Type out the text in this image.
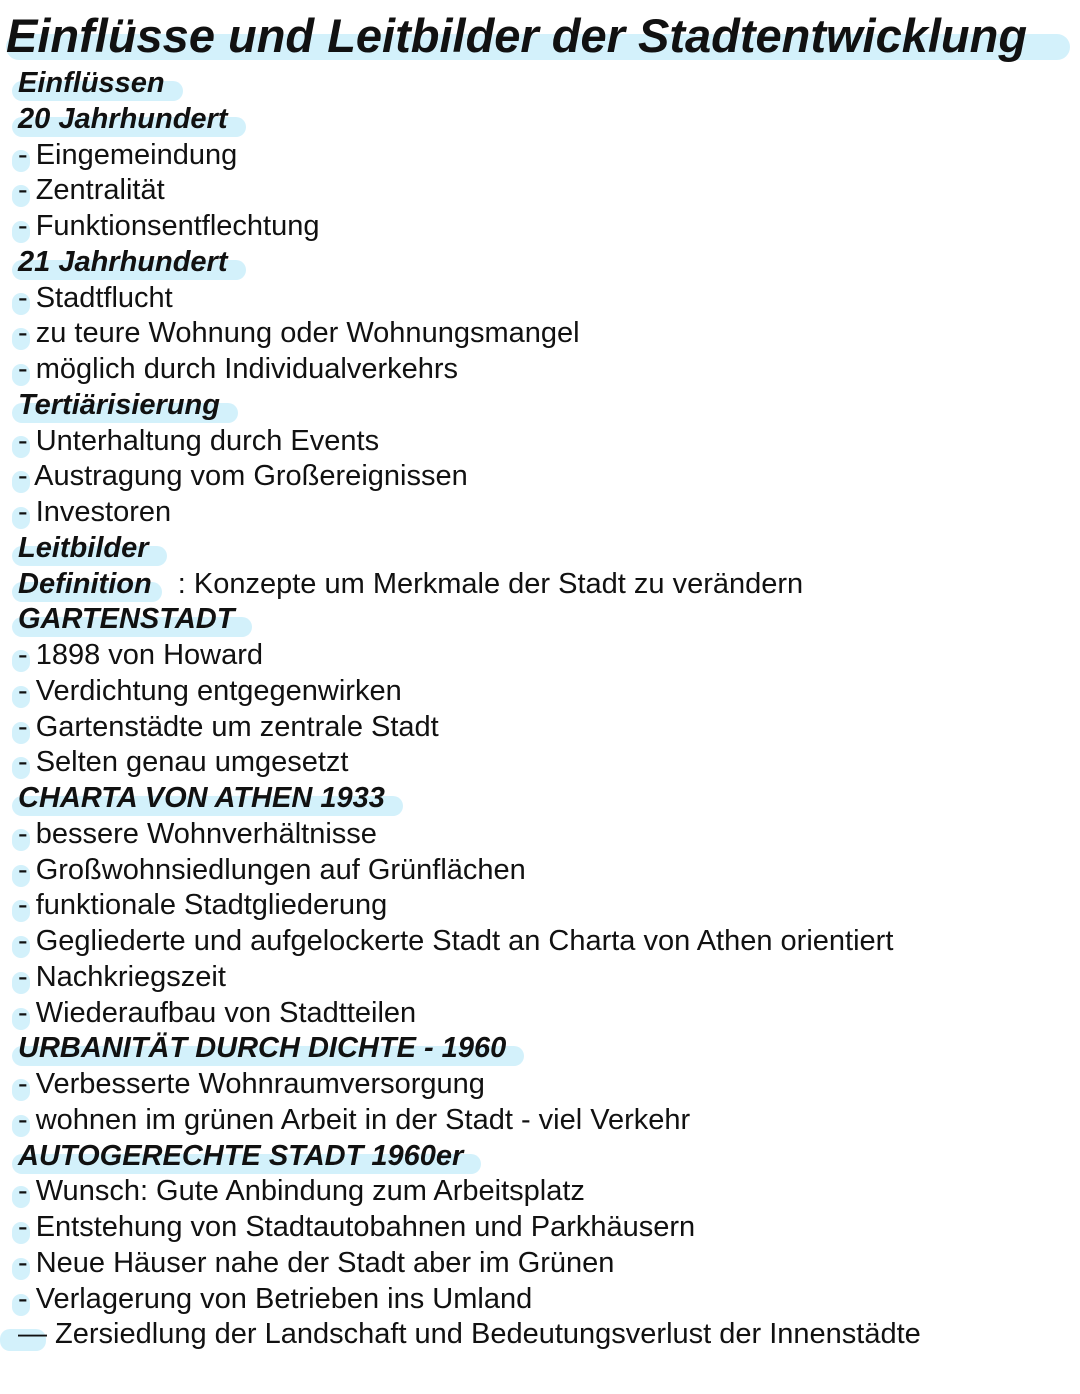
Einflüsse und Leitbilder der Stadtentwicklung
Einflüssen
20 Jahrhundert
- Eingemeindung
- Zentralität
- Funktionsentflechtung
21 Jahrhundert
- Stadtflucht
- zu teure Wohnung oder Wohnungsmangel
- möglich durch Individualverkehrs
Tertiärisierung
- Unterhaltung durch Events
- Austragung vom Großereignissen
- Investoren
Leitbilder
Definition : Konzepte um Merkmale der Stadt zu verändern
GARTENSTADT
- 1898 von Howard
- Verdichtung entgegenwirken
- Gartenstädte um zentrale Stadt
- Selten genau umgesetzt
CHARTA VON ATHEN 1933
- bessere Wohnverhältnisse
- Großwohnsiedlungen auf Grünflächen
- funktionale Stadtgliederung
- Gegliederte und aufgelockerte Stadt an Charta von Athen orientiert
- Nachkriegszeit
- Wiederaufbau von Stadtteilen
URBANITÄT DURCH DICHTE - 1960
- Verbesserte Wohnraumversorgung
- wohnen im grünen Arbeit in der Stadt - viel Verkehr
AUTOGERECHTE STADT 1960er
- Wunsch: Gute Anbindung zum Arbeitsplatz
- Entstehung von Stadtautobahnen und Parkhäusern
- Neue Häuser nahe der Stadt aber im Grünen
- Verlagerung von Betrieben ins Umland
— Zersiedlung der Landschaft und Bedeutungsverlust der Innenstädte
